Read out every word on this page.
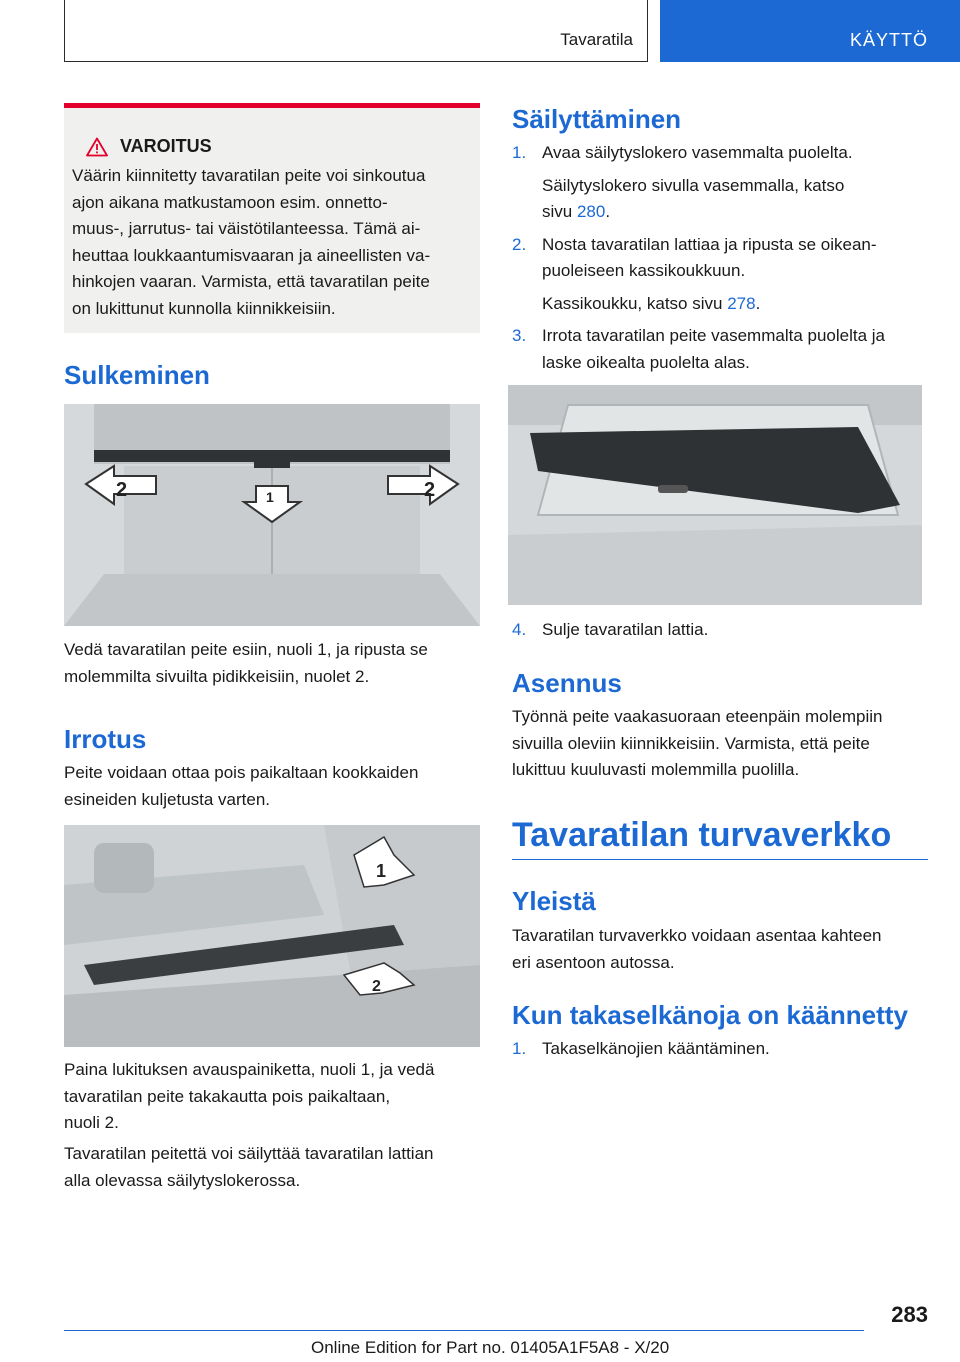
Tavaratila	KÄYTTÖ
VAROITUS
Väärin kiinnitetty tavaratilan peite voi sinkoutua
ajon aikana matkustamoon esim. onnetto-
muus-, jarrutus- tai väistötilanteessa. Tämä ai-
heuttaa loukkaantumisvaaran ja aineellisten va-
hinkojen vaaran. Varmista, että tavaratilan peite
on lukittunut kunnolla kiinnikkeisiin.
Sulkeminen
2	2
1
Vedä tavaratilan peite esiin, nuoli 1, ja ripusta se
molemmilta sivuilta pidikkeisiin, nuolet 2.
Irrotus
Peite voidaan ottaa pois paikaltaan kookkaiden
esineiden kuljetusta varten.
1
2
Paina lukituksen avauspainiketta, nuoli 1, ja vedä
tavaratilan peite takakautta pois paikaltaan,
nuoli 2.
Tavaratilan peitettä voi säilyttää tavaratilan lattian
alla olevassa säilytyslokerossa.
Säilyttäminen
1. Avaa säilytyslokero vasemmalta puolelta.
Säilytyslokero sivulla vasemmalla, katso
sivu 280.
2. Nosta tavaratilan lattiaa ja ripusta se oikean-
puoleiseen kassikoukkuun.
Kassikoukku, katso sivu 278.
3. Irrota tavaratilan peite vasemmalta puolelta ja
laske oikealta puolelta alas.
4. Sulje tavaratilan lattia.
Asennus
Työnnä peite vaakasuoraan eteenpäin molempiin
sivuilla oleviin kiinnikkeisiin. Varmista, että peite
lukittuu kuuluvasti molemmilla puolilla.
Tavaratilan turvaverkko
Yleistä
Tavaratilan turvaverkko voidaan asentaa kahteen
eri asentoon autossa.
Kun takaselkänoja on käännetty
1. Takaselkänojien kääntäminen.
283
Online Edition for Part no. 01405A1F5A8 - X/20
